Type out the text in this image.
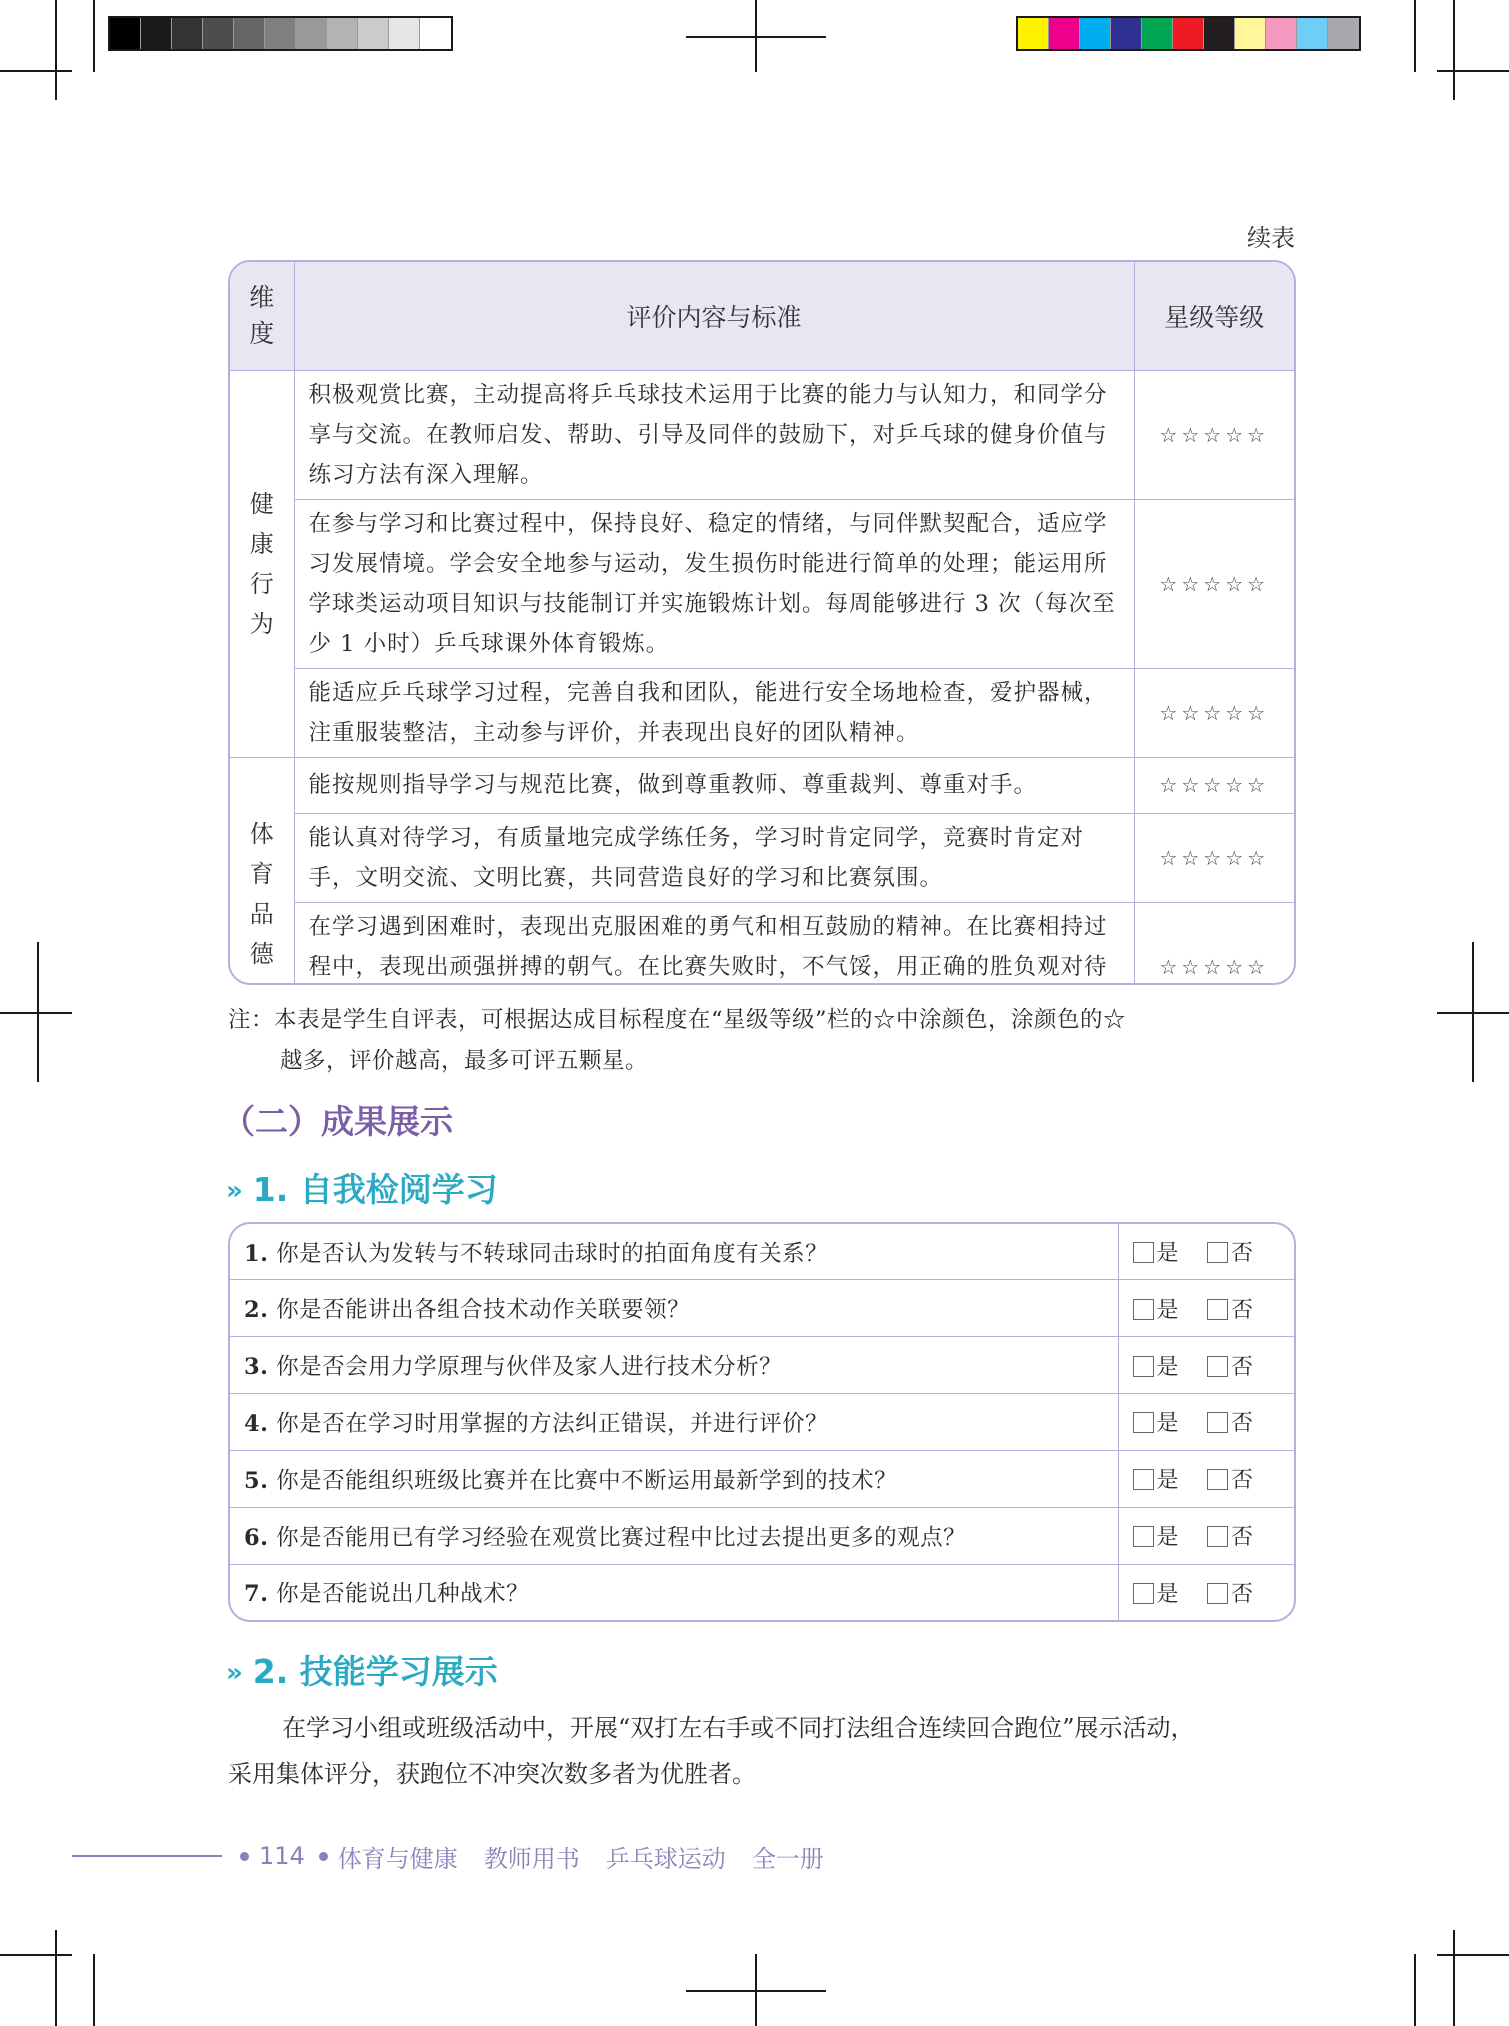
续表
维度	评价内容与标准	星级等级
健康行为	积极观赏比赛，主动提高将乒乓球技术运用于比赛的能力与认知力，和同学分享与交流。在教师启发、帮助、引导及同伴的鼓励下，对乒乓球的健身价值与练习方法有深入理解。	☆☆☆☆☆
	在参与学习和比赛过程中，保持良好、稳定的情绪，与同伴默契配合，适应学习发展情境。学会安全地参与运动，发生损伤时能进行简单的处理；能运用所学球类运动项目知识与技能制订并实施锻炼计划。每周能够进行 3 次（每次至少 1 小时）乒乓球课外体育锻炼。	☆☆☆☆☆
	能适应乒乓球学习过程，完善自我和团队，能进行安全场地检查，爱护器械，注重服装整洁，主动参与评价，并表现出良好的团队精神。	☆☆☆☆☆
体育品德	能按规则指导学习与规范比赛，做到尊重教师、尊重裁判、尊重对手。	☆☆☆☆☆
	能认真对待学习，有质量地完成学练任务，学习时肯定同学，竞赛时肯定对手，文明交流、文明比赛，共同营造良好的学习和比赛氛围。	☆☆☆☆☆
	在学习遇到困难时，表现出克服困难的勇气和相互鼓励的精神。在比赛相持过程中，表现出顽强拼搏的朝气。在比赛失败时，不气馁，用正确的胜负观对待	☆☆☆☆☆
注：本表是学生自评表，可根据达成目标程度在“星级等级”栏的☆中涂颜色，涂颜色的☆
越多，评价越高，最多可评五颗星。
（二）成果展示
» 1. 自我检阅学习
1. 你是否认为发转与不转球同击球时的拍面角度有关系？	是 否
2. 你是否能讲出各组合技术动作关联要领？	是 否
3. 你是否会用力学原理与伙伴及家人进行技术分析？	是 否
4. 你是否在学习时用掌握的方法纠正错误，并进行评价？	是 否
5. 你是否能组织班级比赛并在比赛中不断运用最新学到的技术？	是 否
6. 你是否能用已有学习经验在观赏比赛过程中比过去提出更多的观点？	是 否
7. 你是否能说出几种战术？	是 否
» 2. 技能学习展示
在学习小组或班级活动中，开展“双打左右手或不同打法组合连续回合跑位”展示活动，
采用集体评分，获跑位不冲突次数多者为优胜者。
114 体育与健康 教师用书 乒乓球运动 全一册
